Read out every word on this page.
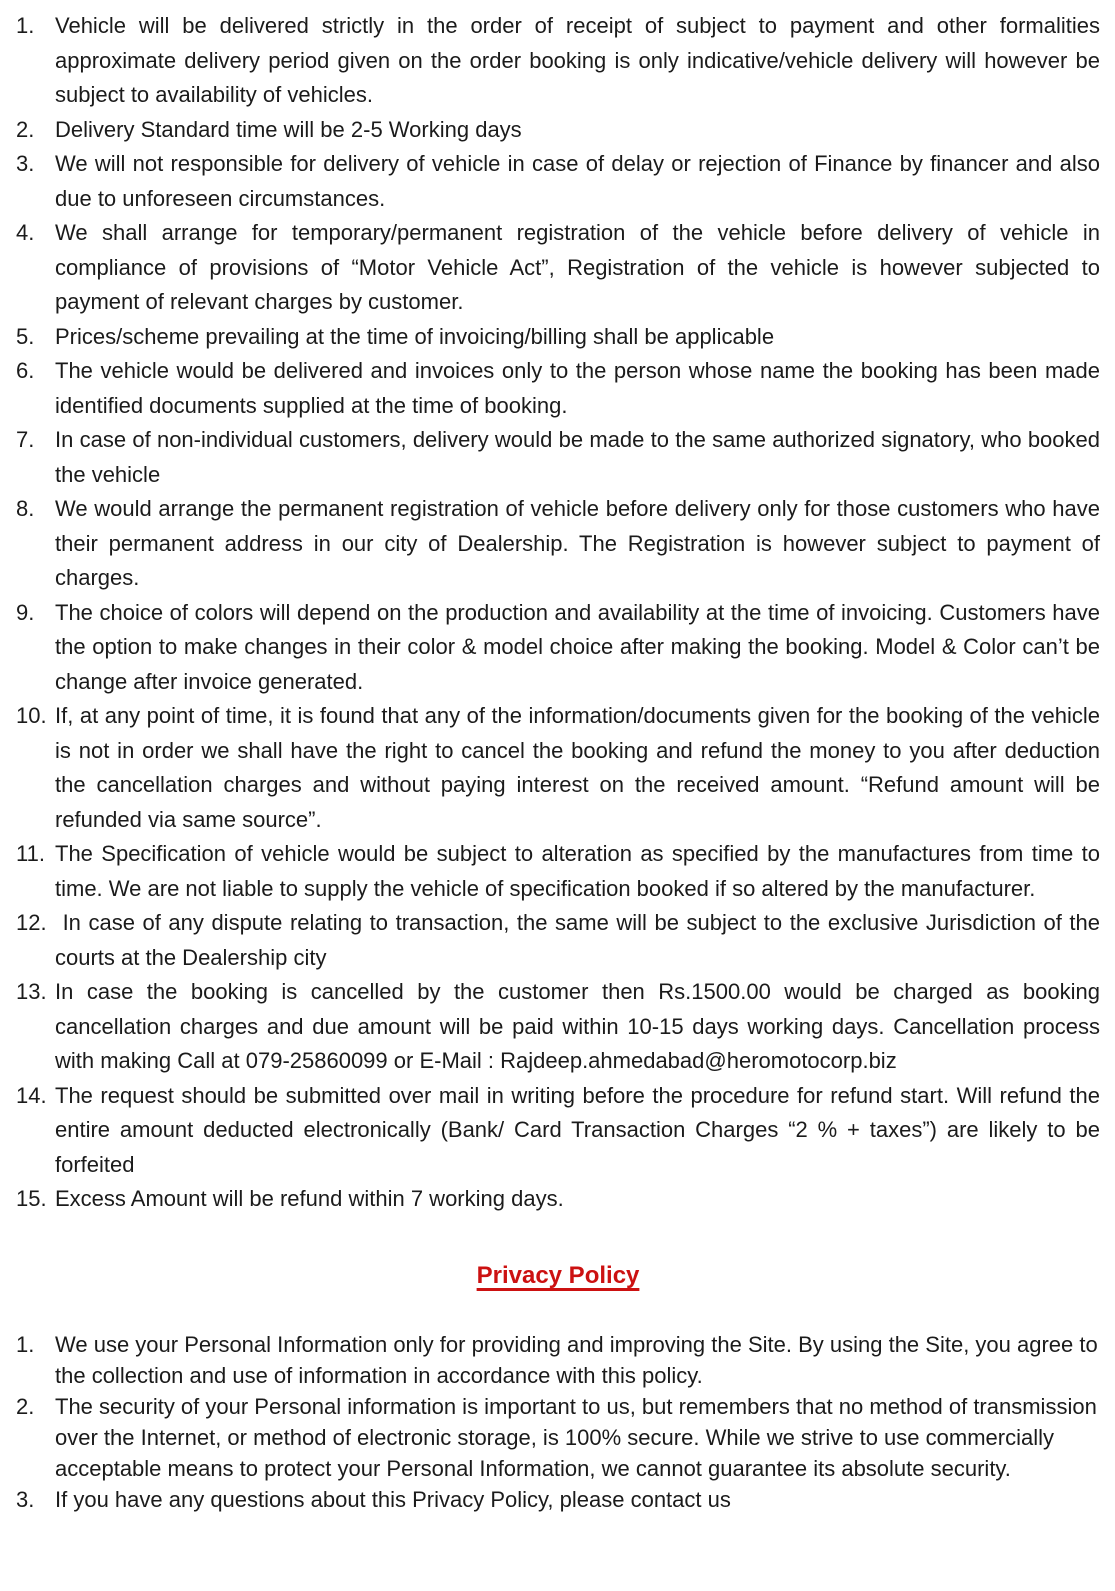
1. Vehicle will be delivered strictly in the order of receipt of subject to payment and other formalities approximate delivery period given on the order booking is only indicative/vehicle delivery will however be subject to availability of vehicles.
2. Delivery Standard time will be 2-5 Working days
3. We will not responsible for delivery of vehicle in case of delay or rejection of Finance by financer and also due to unforeseen circumstances.
4. We shall arrange for temporary/permanent registration of the vehicle before delivery of vehicle in compliance of provisions of “Motor Vehicle Act”, Registration of the vehicle is however subjected to payment of relevant charges by customer.
5. Prices/scheme prevailing at the time of invoicing/billing shall be applicable
6. The vehicle would be delivered and invoices only to the person whose name the booking has been made identified documents supplied at the time of booking.
7. In case of non-individual customers, delivery would be made to the same authorized signatory, who booked the vehicle
8. We would arrange the permanent registration of vehicle before delivery only for those customers who have their permanent address in our city of Dealership. The Registration is however subject to payment of charges.
9. The choice of colors will depend on the production and availability at the time of invoicing. Customers have the option to make changes in their color & model choice after making the booking. Model & Color can’t be change after invoice generated.
10. If, at any point of time, it is found that any of the information/documents given for the booking of the vehicle is not in order we shall have the right to cancel the booking and refund the money to you after deduction the cancellation charges and without paying interest on the received amount. “Refund amount will be refunded via same source”.
11. The Specification of vehicle would be subject to alteration as specified by the manufactures from time to time. We are not liable to supply the vehicle of specification booked if so altered by the manufacturer.
12. In case of any dispute relating to transaction, the same will be subject to the exclusive Jurisdiction of the courts at the Dealership city
13. In case the booking is cancelled by the customer then Rs.1500.00 would be charged as booking cancellation charges and due amount will be paid within 10-15 days working days. Cancellation process with making Call at 079-25860099 or E-Mail : Rajdeep.ahmedabad@heromotocorp.biz
14. The request should be submitted over mail in writing before the procedure for refund start. Will refund the entire amount deducted electronically (Bank/ Card Transaction Charges “2 % + taxes”) are likely to be forfeited
15. Excess Amount will be refund within 7 working days.
Privacy Policy
1. We use your Personal Information only for providing and improving the Site. By using the Site, you agree to the collection and use of information in accordance with this policy.
2. The security of your Personal information is important to us, but remembers that no method of transmission over the Internet, or method of electronic storage, is 100% secure. While we strive to use commercially acceptable means to protect your Personal Information, we cannot guarantee its absolute security.
3. If you have any questions about this Privacy Policy, please contact us
